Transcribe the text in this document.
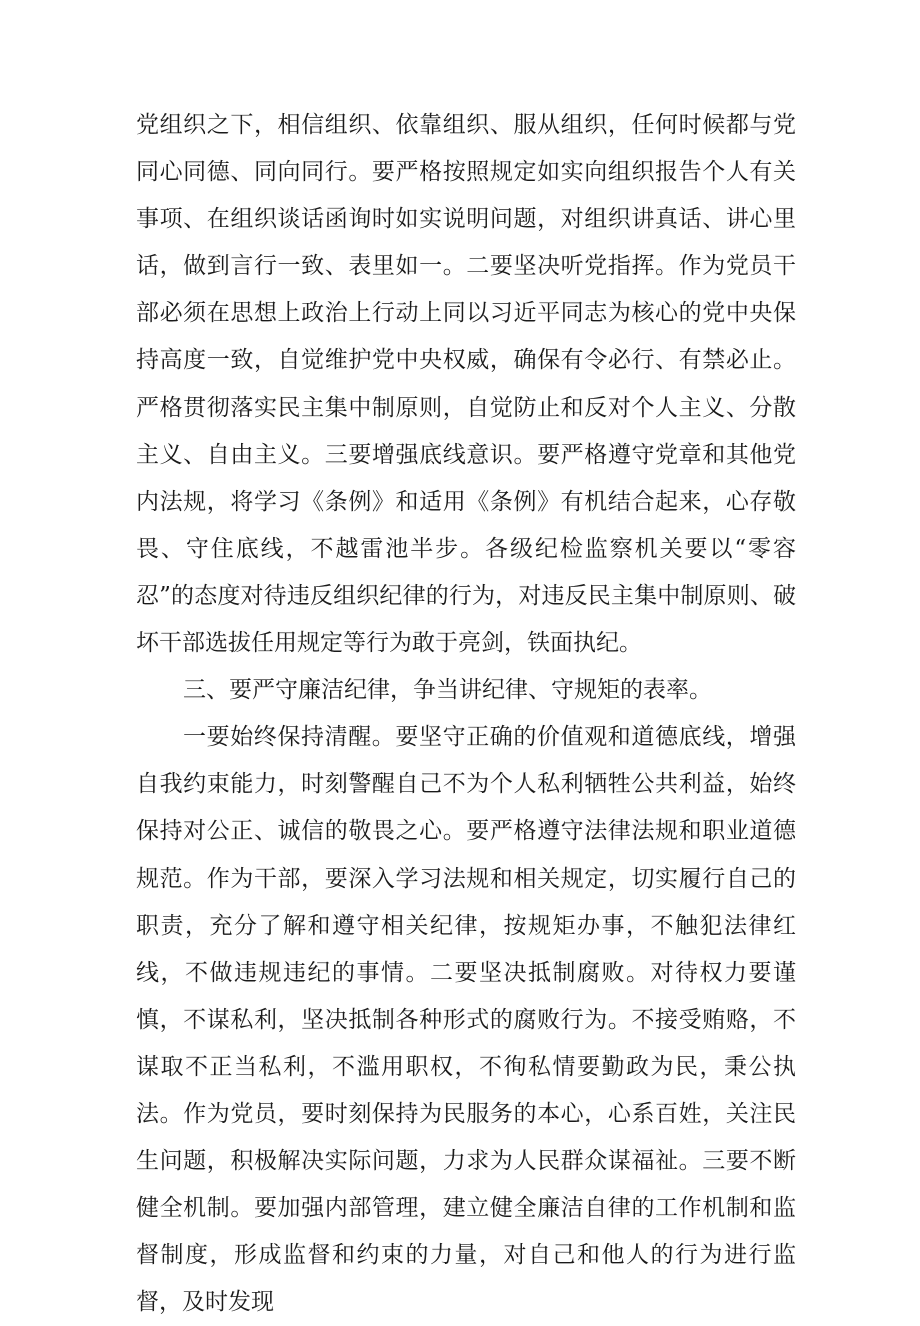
党组织之下，相信组织、依靠组织、服从组织，任何时候都与党同心同德、同向同行。要严格按照规定如实向组织报告个人有关事项、在组织谈话函询时如实说明问题，对组织讲真话、讲心里话，做到言行一致、表里如一。二要坚决听党指挥。作为党员干部必须在思想上政治上行动上同以习近平同志为核心的党中央保持高度一致，自觉维护党中央权威，确保有令必行、有禁必止。严格贯彻落实民主集中制原则，自觉防止和反对个人主义、分散主义、自由主义。三要增强底线意识。要严格遵守党章和其他党内法规，将学习《条例》和适用《条例》有机结合起来，心存敬畏、守住底线，不越雷池半步。各级纪检监察机关要以“零容忍”的态度对待违反组织纪律的行为，对违反民主集中制原则、破坏干部选拔任用规定等行为敢于亮剑，铁面执纪。

三、要严守廉洁纪律，争当讲纪律、守规矩的表率。

一要始终保持清醒。要坚守正确的价值观和道德底线，增强自我约束能力，时刻警醒自己不为个人私利牺牲公共利益，始终保持对公正、诚信的敬畏之心。要严格遵守法律法规和职业道德规范。作为干部，要深入学习法规和相关规定，切实履行自己的职责，充分了解和遵守相关纪律，按规矩办事，不触犯法律红线，不做违规违纪的事情。二要坚决抵制腐败。对待权力要谨慎，不谋私利，坚决抵制各种形式的腐败行为。不接受贿赂，不谋取不正当私利，不滥用职权，不徇私情要勤政为民，秉公执法。作为党员，要时刻保持为民服务的本心，心系百姓，关注民生问题，积极解决实际问题，力求为人民群众谋福祉。三要不断健全机制。要加强内部管理，建立健全廉洁自律的工作机制和监督制度，形成监督和约束的力量，对自己和他人的行为进行监督，及时发现
